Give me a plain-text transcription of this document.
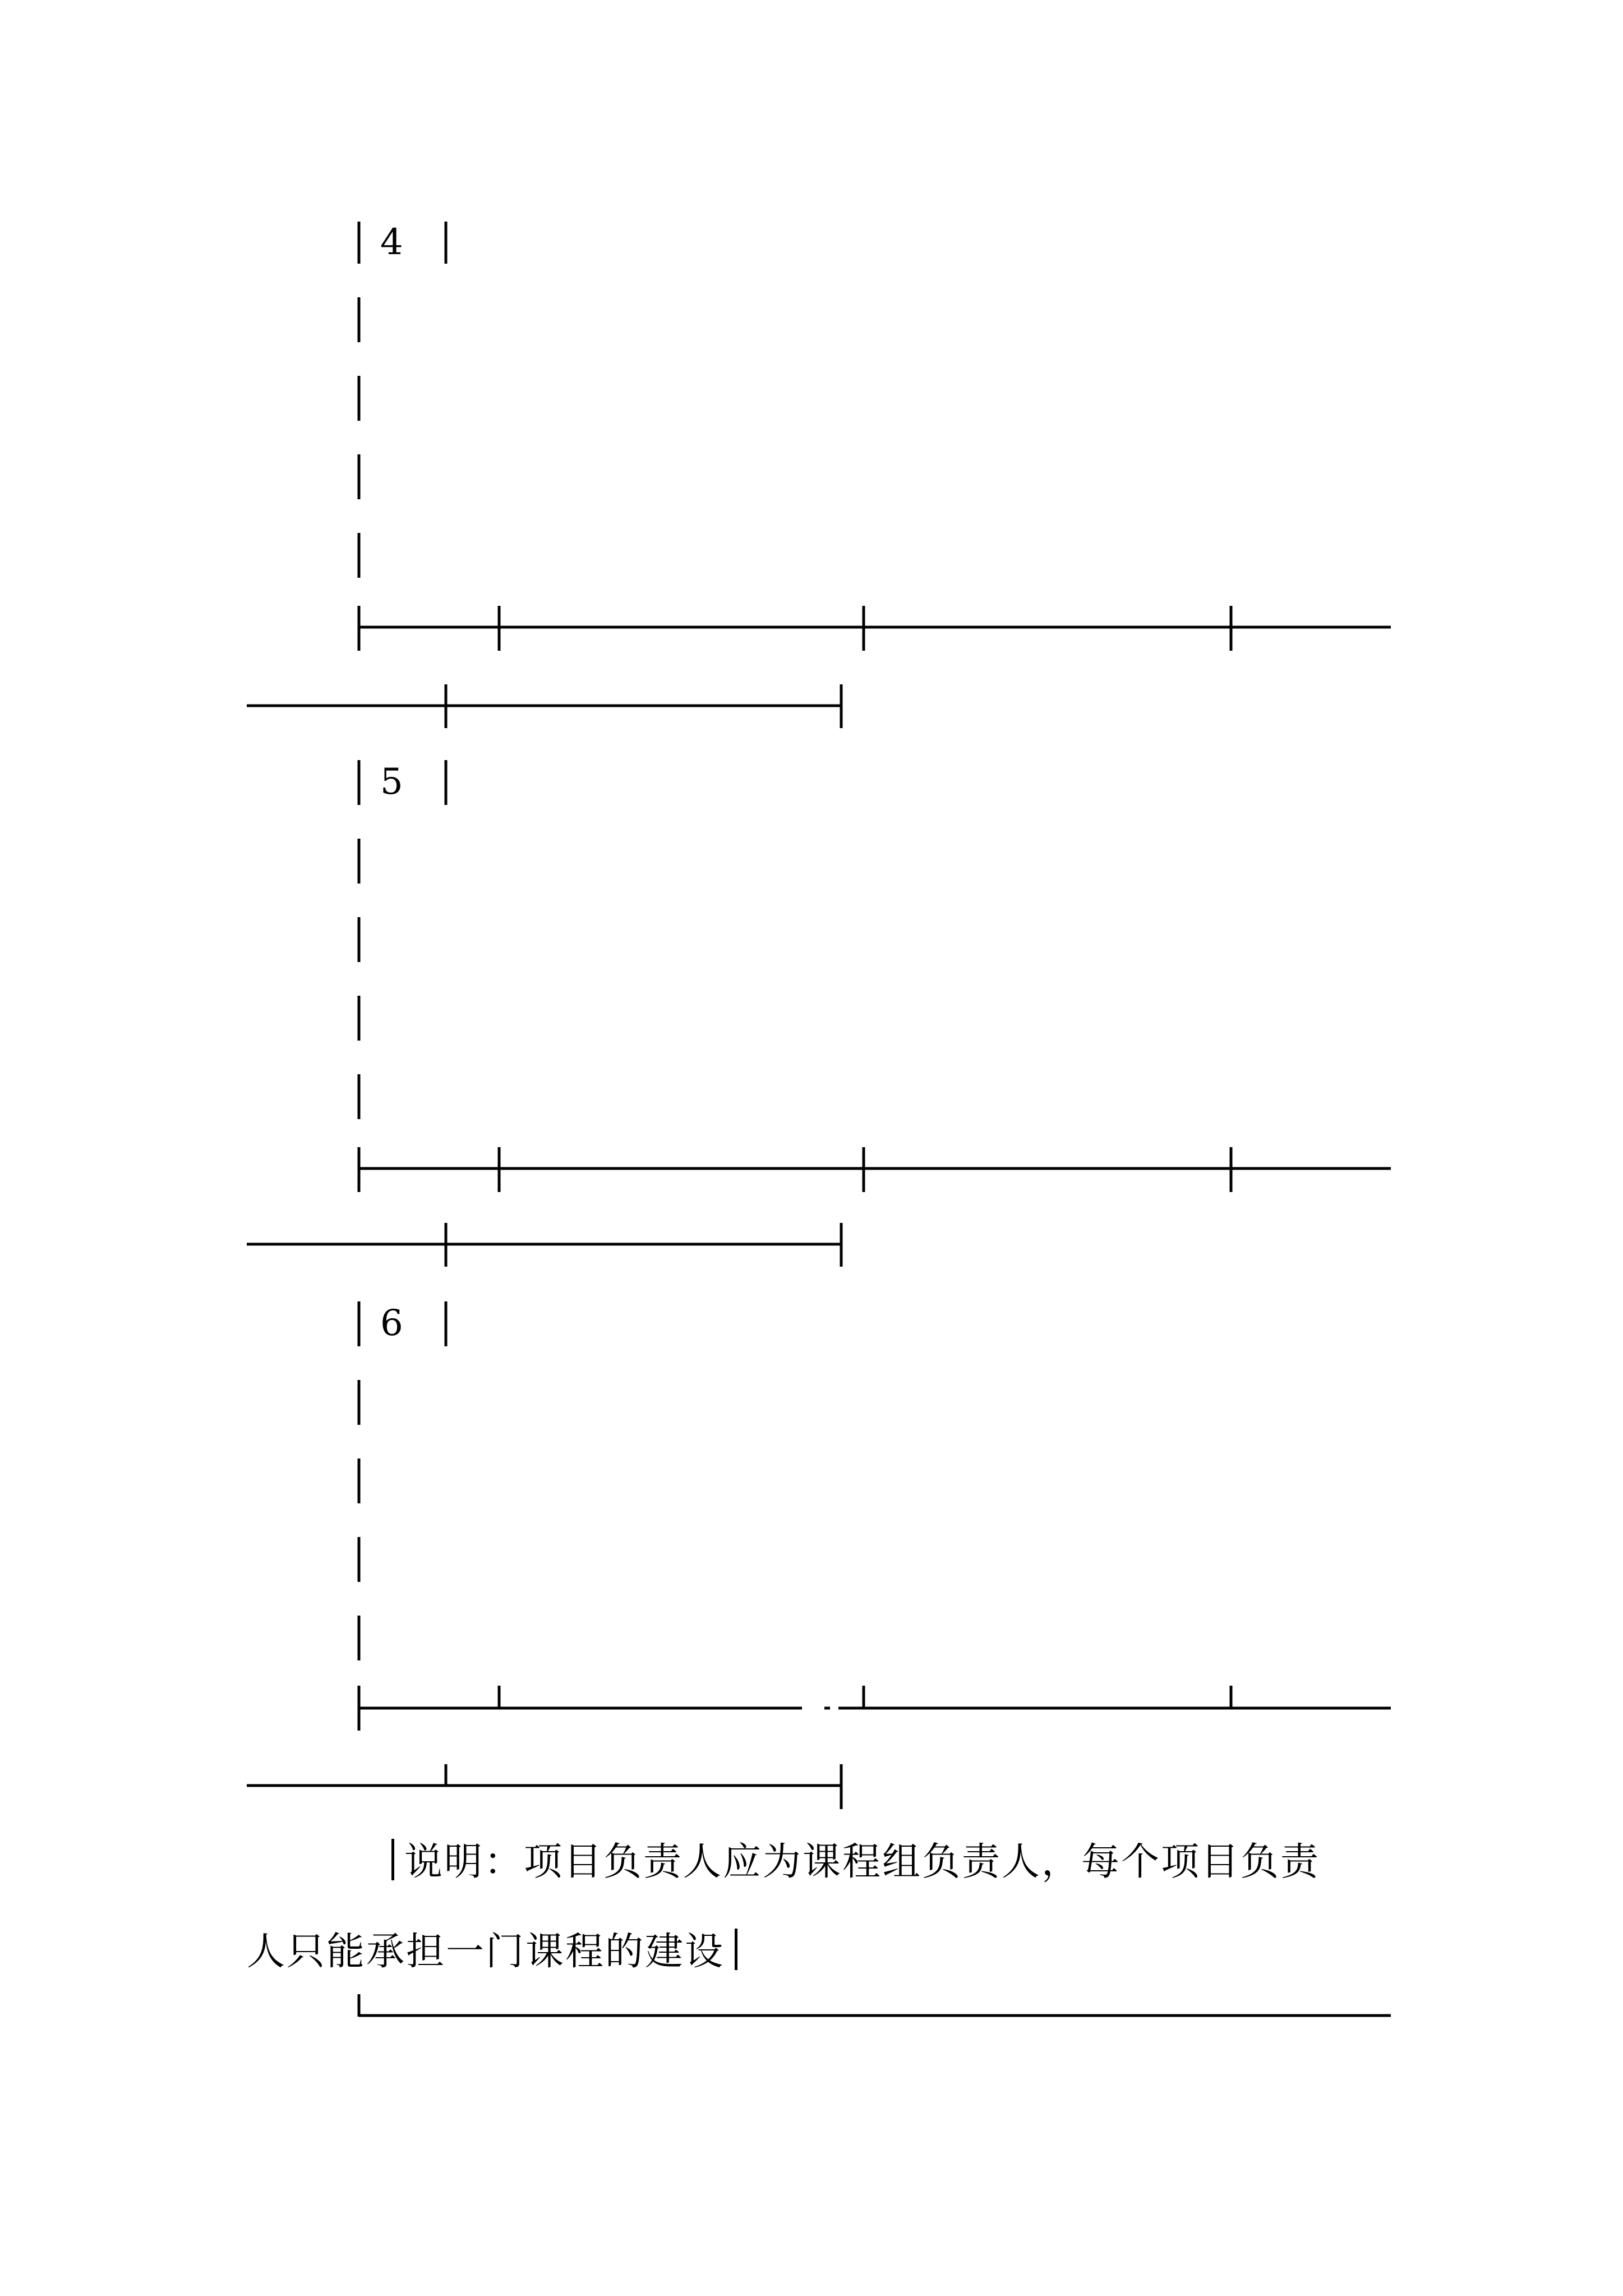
4
5
6
说明：项目负责人应为课程组负责人，每个项目负责
人只能承担一门课程的建设
